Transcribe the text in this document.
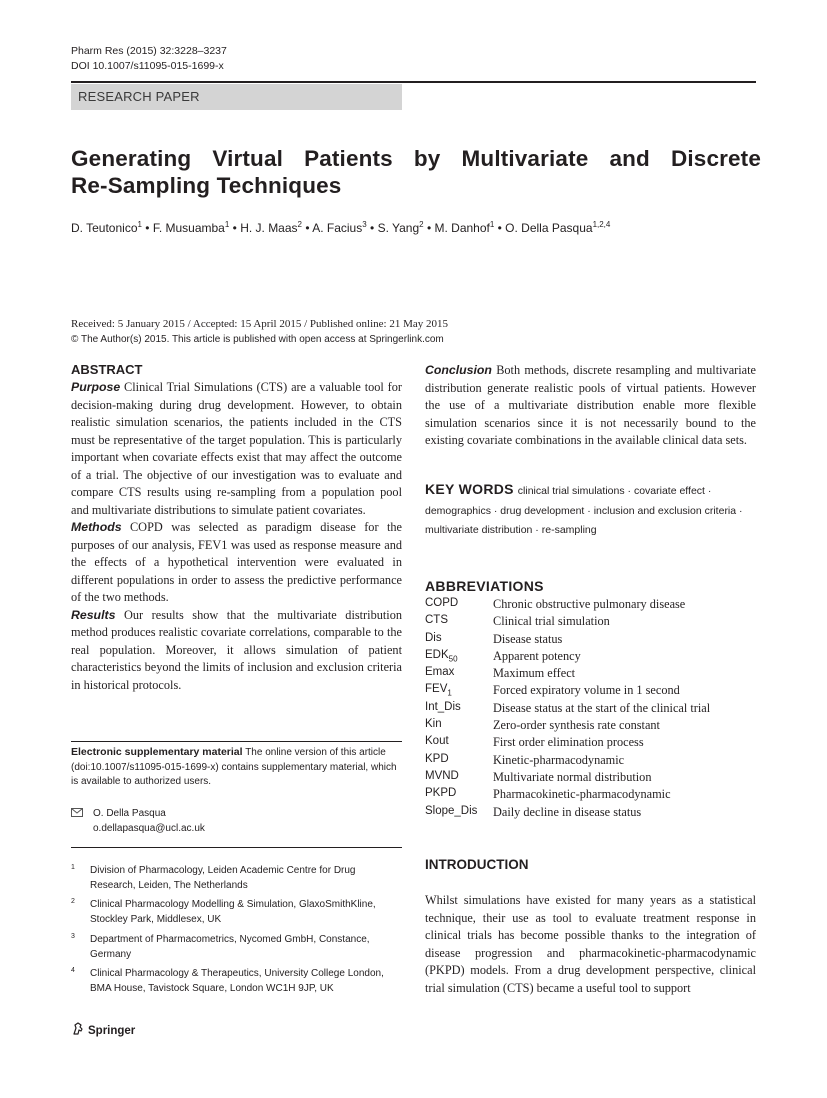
Pharm Res (2015) 32:3228–3237
DOI 10.1007/s11095-015-1699-x
RESEARCH PAPER
Generating Virtual Patients by Multivariate and Discrete
Re-Sampling Techniques
D. Teutonico$^1$ • F. Musuamba$^1$ • H. J. Maas$^2$ • A. Facius$^3$ • S. Yang$^2$ • M. Danhof$^1$ • O. Della Pasqua$^{1,2,4}$
Received: 5 January 2015 / Accepted: 15 April 2015 / Published online: 21 May 2015
© The Author(s) 2015. This article is published with open access at Springerlink.com
ABSTRACT
Purpose Clinical Trial Simulations (CTS) are a valuable tool for decision-making during drug development. However, to obtain realistic simulation scenarios, the patients included in the CTS must be representative of the target population. This is particularly important when covariate effects exist that may affect the outcome of a trial. The objective of our investigation was to evaluate and compare CTS results using re-sampling from a population pool and multivariate distributions to simulate patient covariates.
Methods COPD was selected as paradigm disease for the purposes of our analysis, FEV1 was used as response measure and the effects of a hypothetical intervention were evaluated in different populations in order to assess the predictive performance of the two methods.
Results Our results show that the multivariate distribution method produces realistic covariate correlations, comparable to the real population. Moreover, it allows simulation of patient characteristics beyond the limits of inclusion and exclusion criteria in historical protocols.
Electronic supplementary material The online version of this article (doi:10.1007/s11095-015-1699-x) contains supplementary material, which is available to authorized users.
O. Della Pasqua
o.dellapasqua@ucl.ac.uk
1 Division of Pharmacology, Leiden Academic Centre for Drug Research, Leiden, The Netherlands
2 Clinical Pharmacology Modelling & Simulation, GlaxoSmithKline, Stockley Park, Middlesex, UK
3 Department of Pharmacometrics, Nycomed GmbH, Constance, Germany
4 Clinical Pharmacology & Therapeutics, University College London, BMA House, Tavistock Square, London WC1H 9JP, UK
Springer
Conclusion Both methods, discrete resampling and multivariate distribution generate realistic pools of virtual patients. However the use of a multivariate distribution enable more flexible simulation scenarios since it is not necessarily bound to the existing covariate combinations in the available clinical data sets.
KEY WORDS clinical trial simulations · covariate effect · demographics · drug development · inclusion and exclusion criteria · multivariate distribution · re-sampling
ABBREVIATIONS
COPD	Chronic obstructive pulmonary disease
CTS	Clinical trial simulation
Dis	Disease status
$EDK_{50}$	Apparent potency
Emax	Maximum effect
$FEV_1$	Forced expiratory volume in 1 second
Int_Dis	Disease status at the start of the clinical trial
Kin	Zero-order synthesis rate constant
Kout	First order elimination process
KPD	Kinetic-pharmacodynamic
MVND	Multivariate normal distribution
PKPD	Pharmacokinetic-pharmacodynamic
Slope_Dis Daily decline in disease status
INTRODUCTION
Whilst simulations have existed for many years as a statistical technique, their use as tool to evaluate treatment response in clinical trials has become possible thanks to the integration of disease progression and pharmacokinetic-pharmacodynamic (PKPD) models. From a drug development perspective, clinical trial simulation (CTS) became a useful tool to support
